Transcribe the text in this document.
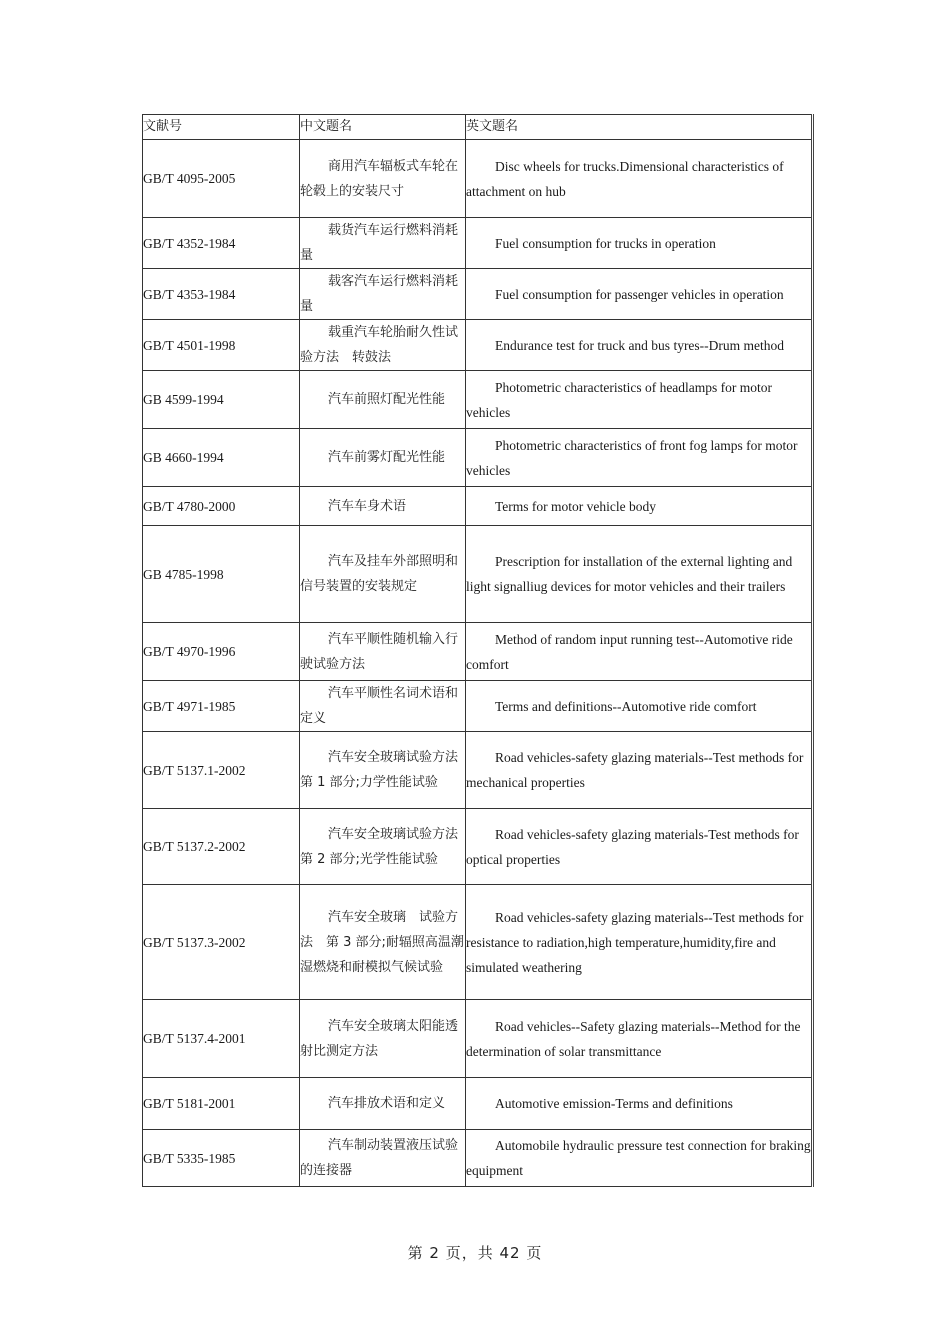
文献号	中文题名	英文题名
GB/T 4095-2005	商用汽车辐板式车轮在轮毂上的安装尺寸	Disc wheels for trucks.Dimensional characteristics of attachment on hub
GB/T 4352-1984	载货汽车运行燃料消耗量	Fuel consumption for trucks in operation
GB/T 4353-1984	载客汽车运行燃料消耗量	Fuel consumption for passenger vehicles in operation
GB/T 4501-1998	载重汽车轮胎耐久性试验方法　转鼓法	Endurance test for truck and bus tyres--Drum method
GB 4599-1994	汽车前照灯配光性能	Photometric characteristics of headlamps for motor vehicles
GB 4660-1994	汽车前雾灯配光性能	Photometric characteristics of front fog lamps for motor vehicles
GB/T 4780-2000	汽车车身术语	Terms for motor vehicle body
GB 4785-1998	汽车及挂车外部照明和信号装置的安装规定	Prescription for installation of the external lighting and light signalliug devices for motor vehicles and their trailers
GB/T 4970-1996	汽车平顺性随机输入行驶试验方法	Method of random input running test--Automotive ride comfort
GB/T 4971-1985	汽车平顺性名词术语和定义	Terms and definitions--Automotive ride comfort
GB/T 5137.1-2002	汽车安全玻璃试验方法　第 1 部分;力学性能试验	Road vehicles-safety glazing materials--Test methods for mechanical properties
GB/T 5137.2-2002	汽车安全玻璃试验方法　第 2 部分;光学性能试验	Road vehicles-safety glazing materials-Test methods for optical properties
GB/T 5137.3-2002	汽车安全玻璃　试验方法　第 3 部分;耐辐照高温潮湿燃烧和耐模拟气候试验	Road vehicles-safety glazing materials--Test methods for resistance to radiation,high temperature,humidity,fire and simulated weathering
GB/T 5137.4-2001	汽车安全玻璃太阳能透射比测定方法	Road vehicles--Safety glazing materials--Method for the determination of solar transmittance
GB/T 5181-2001	汽车排放术语和定义	Automotive emission-Terms and definitions
GB/T 5335-1985	汽车制动装置液压试验的连接器	Automobile hydraulic pressure test connection for braking equipment
第 2 页，共 42 页
